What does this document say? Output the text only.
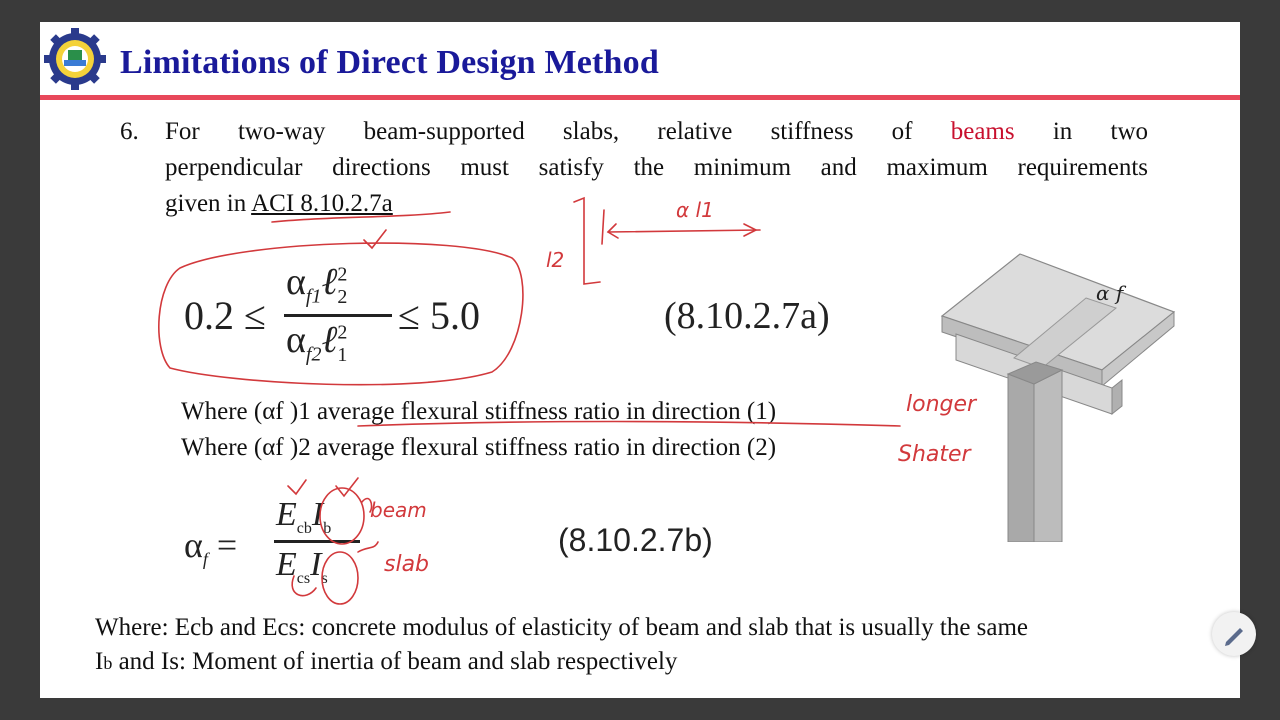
Limitations of Direct Design Method
6. For two-way beam-supported slabs, relative stiffness of beams in two
perpendicular directions must satisfy the minimum and maximum requirements
given in ACI 8.10.2.7a
0.2 ≤
$\alpha_{f1}\ell^2_2$
$\alpha_{f2}\ell^2_1$
≤ 5.0	(8.10.2.7a)
Where (αf )1 average flexural stiffness ratio in direction (1)
Where (αf )2 average flexural stiffness ratio in direction (2)
$\alpha_f$ =
$E_{cb}I_b$
$E_{cs}I_s$
(8.10.2.7b)
Where: Ecb and Ecs: concrete modulus of elasticity of beam and slab that is usually the same
Ib and Is: Moment of inertia of beam and slab respectively
α f
longer
Shater
beam
slab
l2
α l1
